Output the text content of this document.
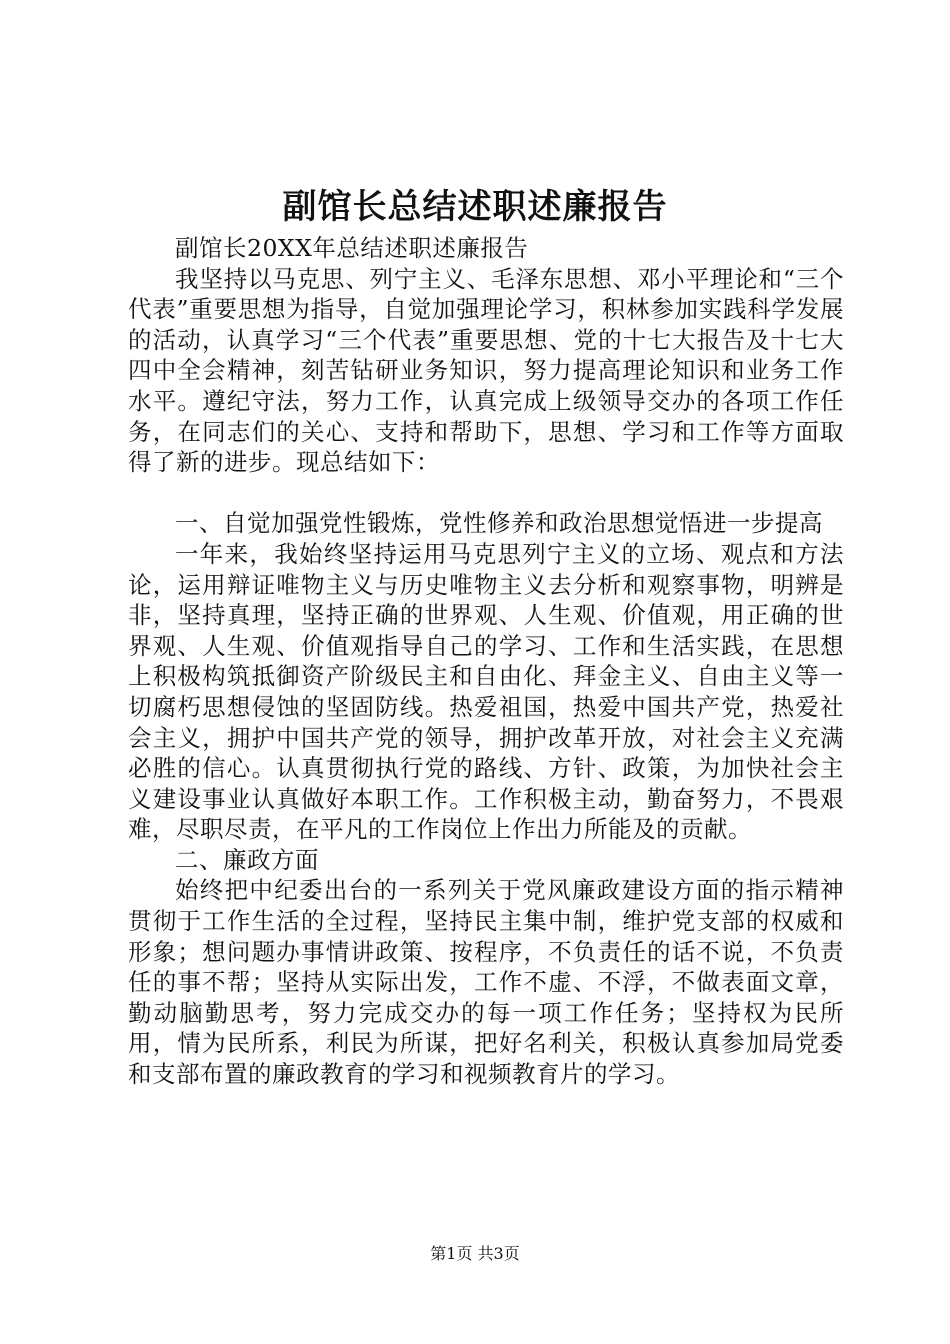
副馆长总结述职述廉报告

副馆长20XX年总结述职述廉报告

我坚持以马克思、列宁主义、毛泽东思想、邓小平理论和“三个代表”重要思想为指导，自觉加强理论学习，积林参加实践科学发展的活动，认真学习“三个代表”重要思想、党的十七大报告及十七大四中全会精神，刻苦钻研业务知识，努力提高理论知识和业务工作水平。遵纪守法，努力工作，认真完成上级领导交办的各项工作任务，在同志们的关心、支持和帮助下，思想、学习和工作等方面取得了新的进步。现总结如下：

一、自觉加强党性锻炼，党性修养和政治思想觉悟进一步提高

一年来，我始终坚持运用马克思列宁主义的立场、观点和方法论，运用辩证唯物主义与历史唯物主义去分析和观察事物，明辨是非，坚持真理，坚持正确的世界观、人生观、价值观，用正确的世界观、人生观、价值观指导自己的学习、工作和生活实践，在思想上积极构筑抵御资产阶级民主和自由化、拜金主义、自由主义等一切腐朽思想侵蚀的坚固防线。热爱祖国，热爱中国共产党，热爱社会主义，拥护中国共产党的领导，拥护改革开放，对社会主义充满必胜的信心。认真贯彻执行党的路线、方针、政策，为加快社会主义建设事业认真做好本职工作。工作积极主动，勤奋努力，不畏艰难，尽职尽责，在平凡的工作岗位上作出力所能及的贡献。

二、廉政方面

始终把中纪委出台的一系列关于党风廉政建设方面的指示精神贯彻于工作生活的全过程，坚持民主集中制，维护党支部的权威和形象；想问题办事情讲政策、按程序，不负责任的话不说，不负责任的事不帮；坚持从实际出发，工作不虚、不浮，不做表面文章，勤动脑勤思考，努力完成交办的每一项工作任务；坚持权为民所用，情为民所系，利民为所谋，把好名利关，积极认真参加局党委和支部布置的廉政教育的学习和视频教育片的学习。

第1页 共3页
